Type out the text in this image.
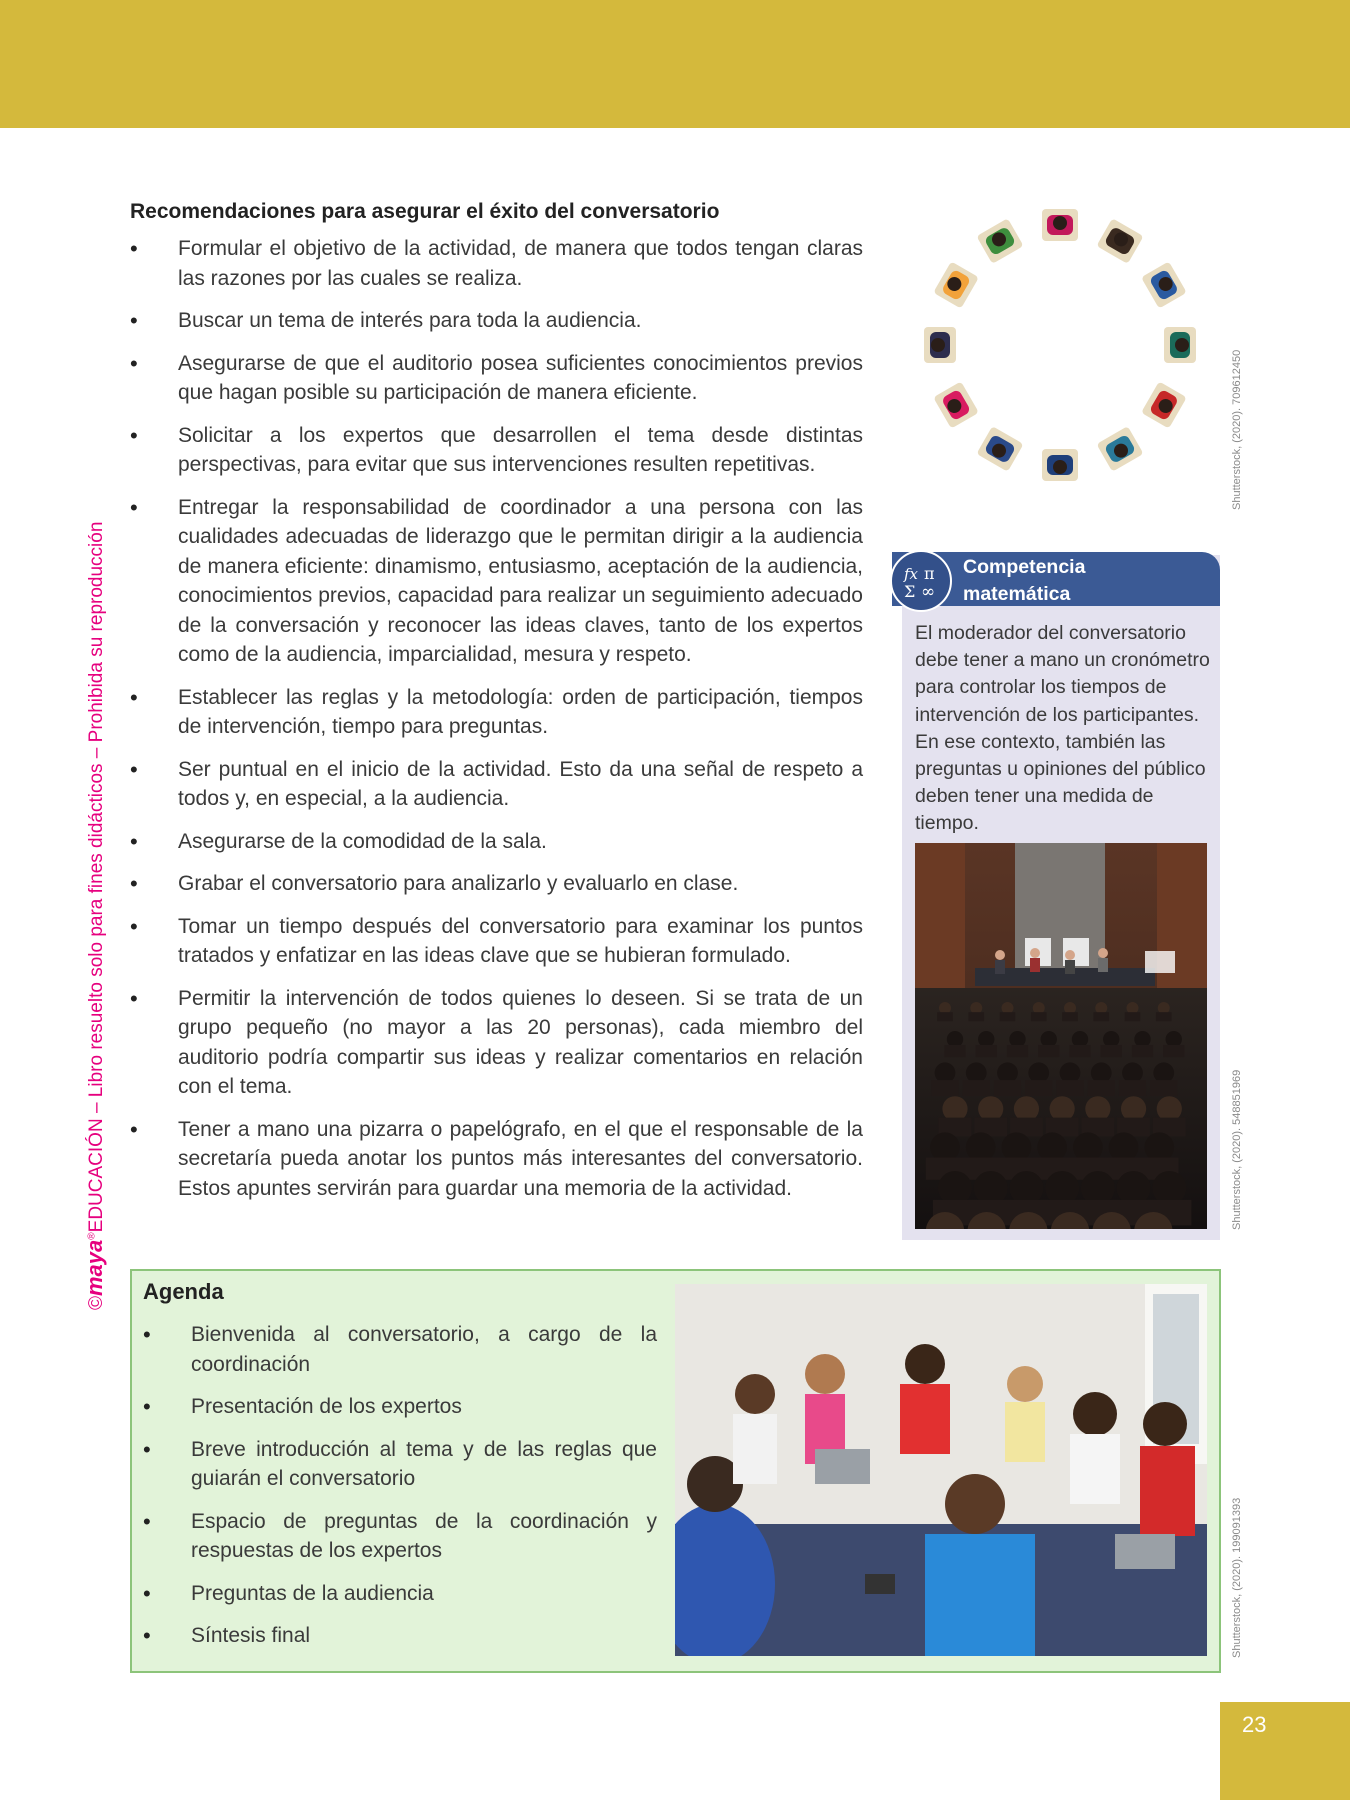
©maya®EDUCACIÓN – Libro resuelto solo para fines didácticos – Prohibida su reproducción
Recomendaciones para asegurar el éxito del conversatorio
• Formular el objetivo de la actividad, de manera que todos tengan claras las razones por las cuales se realiza.
• Buscar un tema de interés para toda la audiencia.
• Asegurarse de que el auditorio posea suficientes conocimientos previos que hagan posible su participación de manera eficiente.
• Solicitar a los expertos que desarrollen el tema desde distintas perspectivas, para evitar que sus intervenciones resulten repetitivas.
• Entregar la responsabilidad de coordinador a una persona con las cualidades adecuadas de liderazgo que le permitan dirigir a la audiencia de manera eficiente: dinamismo, entusiasmo, aceptación de la audiencia, conocimientos previos, capacidad para realizar un seguimiento adecuado de la conversación y reconocer las ideas claves, tanto de los expertos como de la audiencia, imparcialidad, mesura y respeto.
• Establecer las reglas y la metodología: orden de participación, tiempos de intervención, tiempo para preguntas.
• Ser puntual en el inicio de la actividad. Esto da una señal de respeto a todos y, en especial, a la audiencia.
• Asegurarse de la comodidad de la sala.
• Grabar el conversatorio para analizarlo y evaluarlo en clase.
• Tomar un tiempo después del conversatorio para examinar los puntos tratados y enfatizar en las ideas clave que se hubieran formulado.
• Permitir la intervención de todos quienes lo deseen. Si se trata de un grupo pequeño (no mayor a las 20 personas), cada miembro del auditorio podría compartir sus ideas y realizar comentarios en relación con el tema.
• Tener a mano una pizarra o papelógrafo, en el que el responsable de la secretaría pueda anotar los puntos más interesantes del conversatorio. Estos apuntes servirán para guardar una memoria de la actividad.
Shutterstock, (2020). 709612450
fx π
Σ ∞
Competencia
matemática
El moderador del conversatorio debe tener a mano un cronómetro para controlar los tiempos de intervención de los participantes. En ese contexto, también las preguntas u opiniones del público deben tener una medida de tiempo.
Shutterstock, (2020). 548851969
Agenda
• Bienvenida al conversatorio, a cargo de la coordinación
• Presentación de los expertos
• Breve introducción al tema y de las reglas que guiarán el conversatorio
• Espacio de preguntas de la coordinación y respuestas de los expertos
• Preguntas de la audiencia
• Síntesis final	Shutterstock, (2020). 199091393
23
